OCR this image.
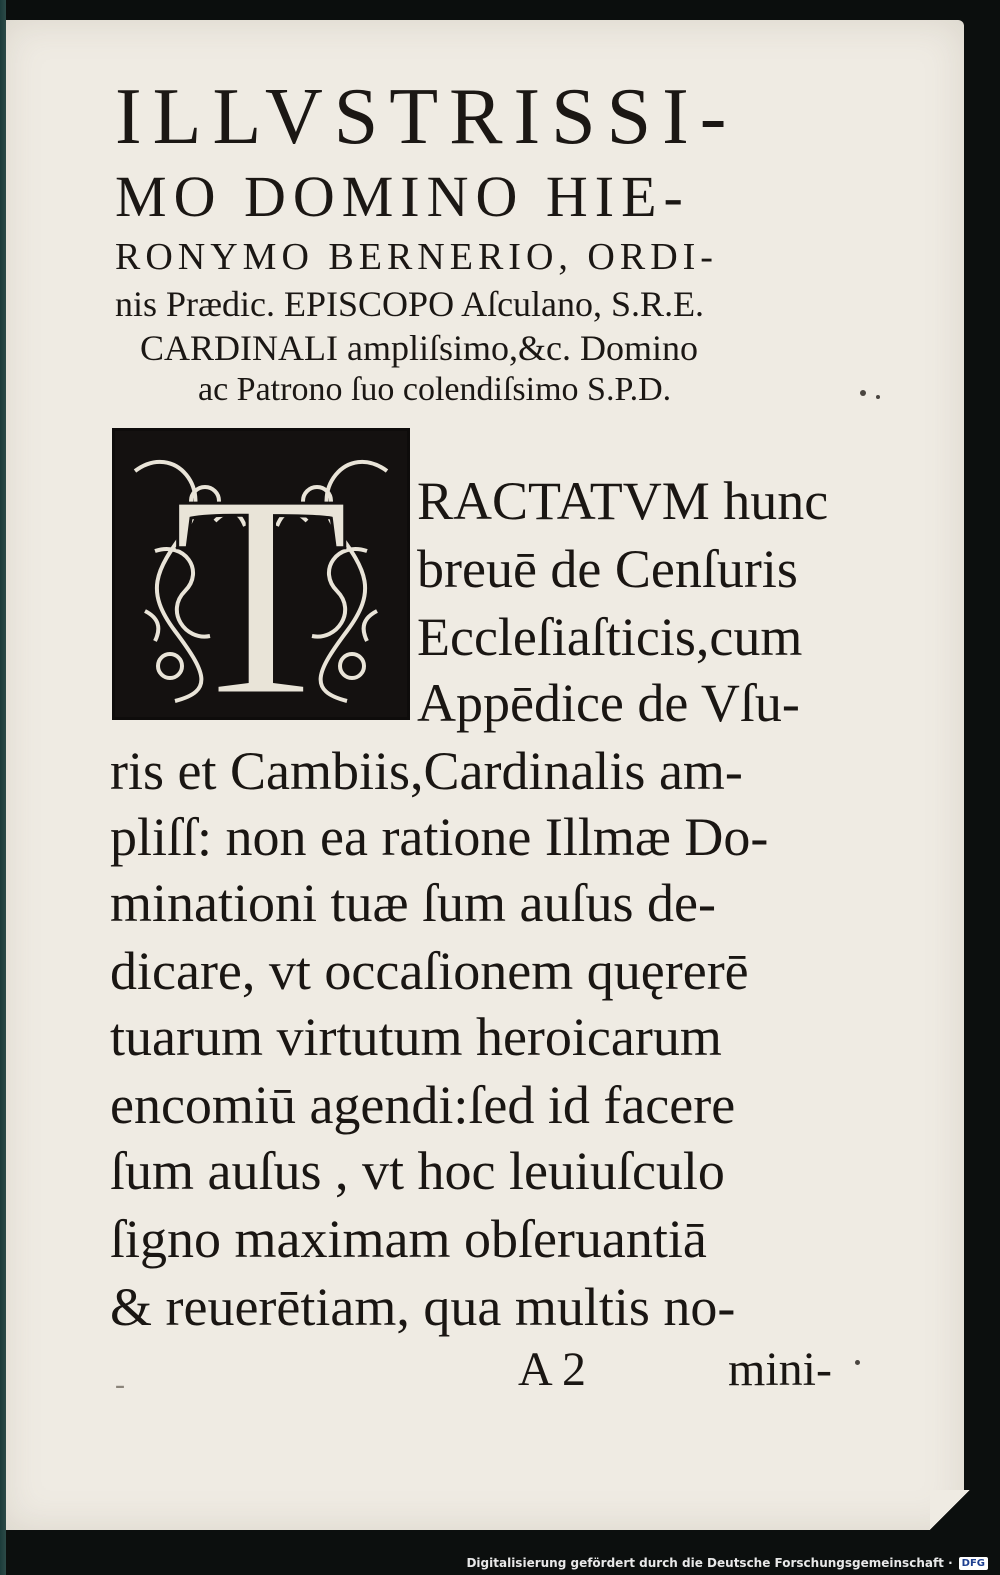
ILLVSTRISSI-
MO DOMINO HIE-
RONYMO BERNERIO, ORDI-
nis Prædic. EPISCOPO Aſculano, S.R.E.
CARDINALI ampliſsimo,&c. Domino
ac Patrono ſuo colendiſsimo S.P.D.
T RACTATVM hunc
breuē de Cenſuris
Eccleſiaſticis,cum
Appēdice de Vſu-
ris et Cambiis,Cardinalis am-
pliſſ: non ea ratione Illmæ Do-
minationi tuæ ſum auſus de-
dicare, vt occaſionem quęrerē
tuarum virtutum heroicarum
encomiū agendi:ſed id facere
ſum auſus , vt hoc leuiuſculo
ſigno maximam obſeruantiā
& reuerētiam, qua multis no-
-	A 2	mini-
Digitalisierung gefördert durch die Deutsche Forschungsgemeinschaft · DFG
